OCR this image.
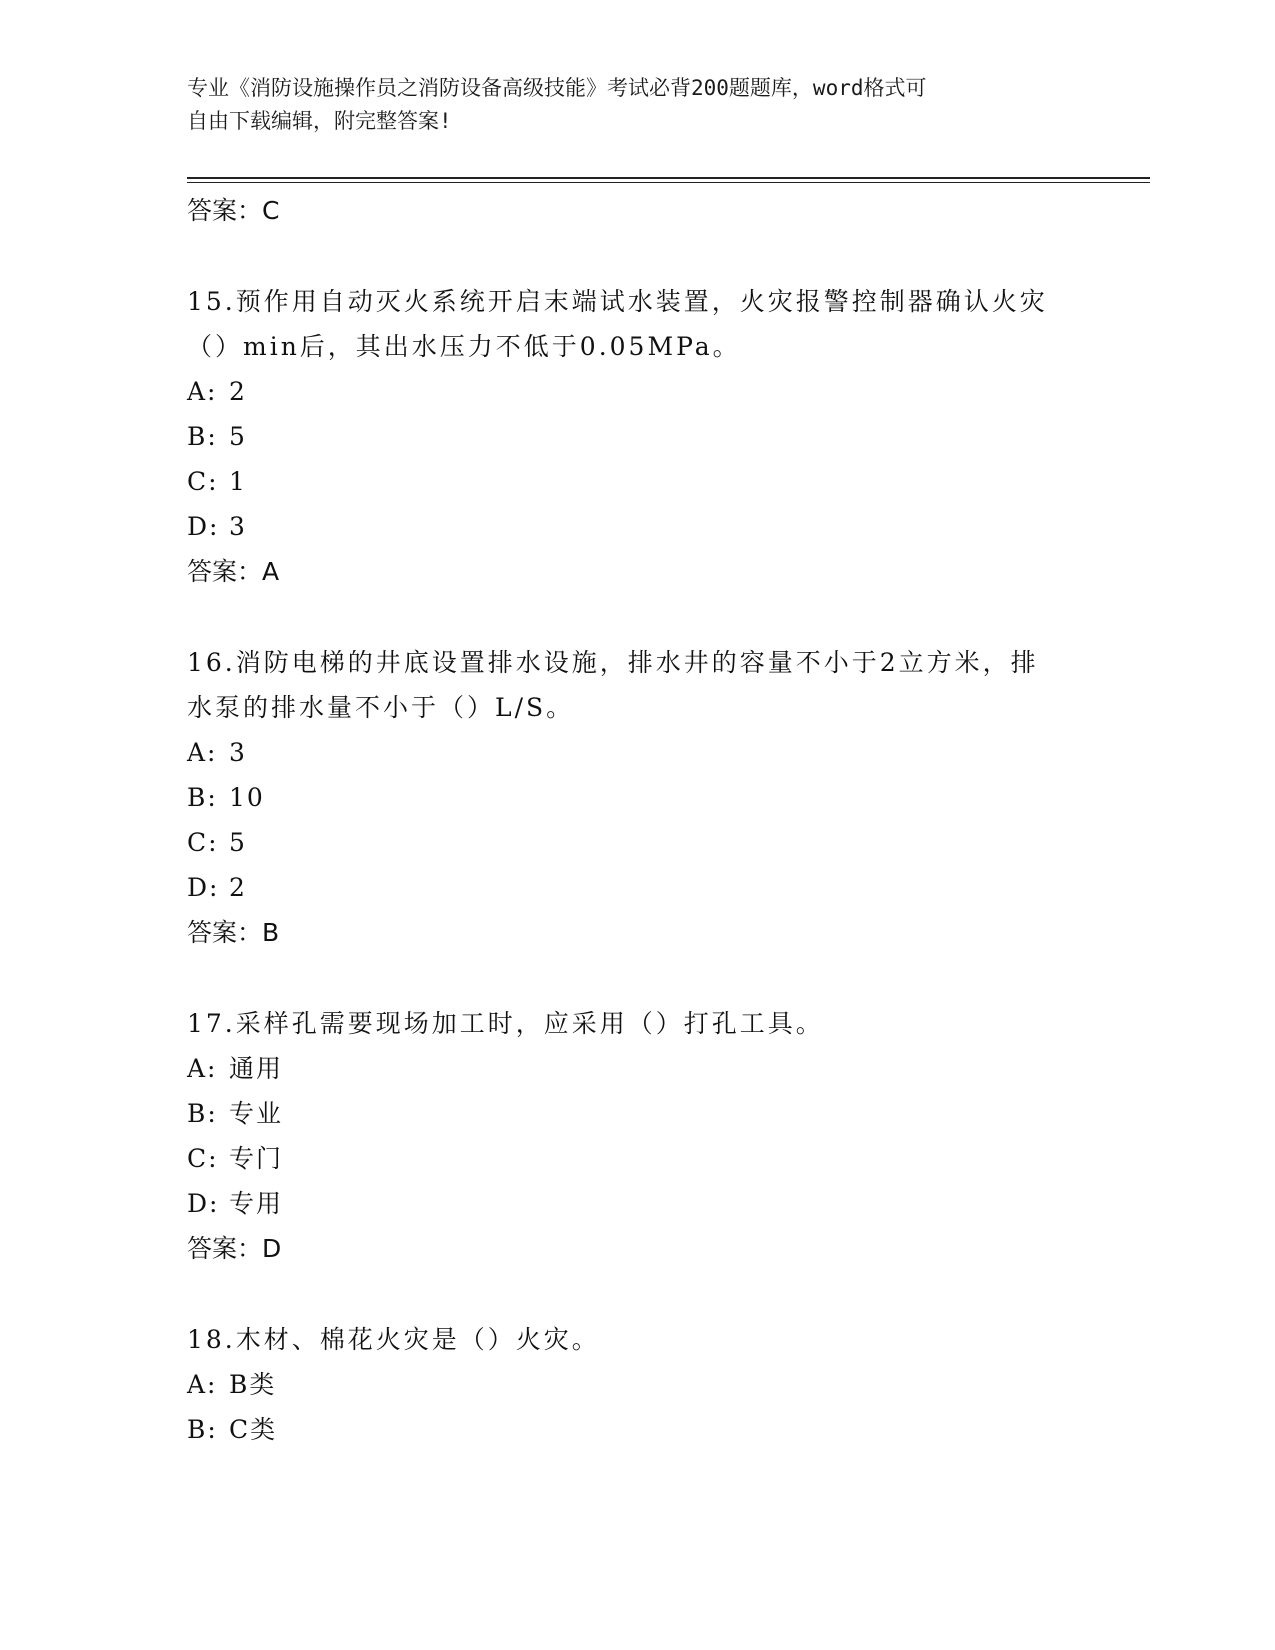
专业《消防设施操作员之消防设备高级技能》考试必背200题题库，word格式可
自由下载编辑，附完整答案!
答案：C
15.预作用自动灭火系统开启末端试水装置，火灾报警控制器确认火灾
（）min后，其出水压力不低于0.05MPa。
A: 2
B: 5
C: 1
D: 3
答案：A
16.消防电梯的井底设置排水设施，排水井的容量不小于2立方米，排
水泵的排水量不小于（）L/S。
A: 3
B: 10
C: 5
D: 2
答案：B
17.采样孔需要现场加工时，应采用（）打孔工具。
A: 通用
B: 专业
C: 专门
D: 专用
答案：D
18.木材、棉花火灾是（）火灾。
A: B类
B: C类
